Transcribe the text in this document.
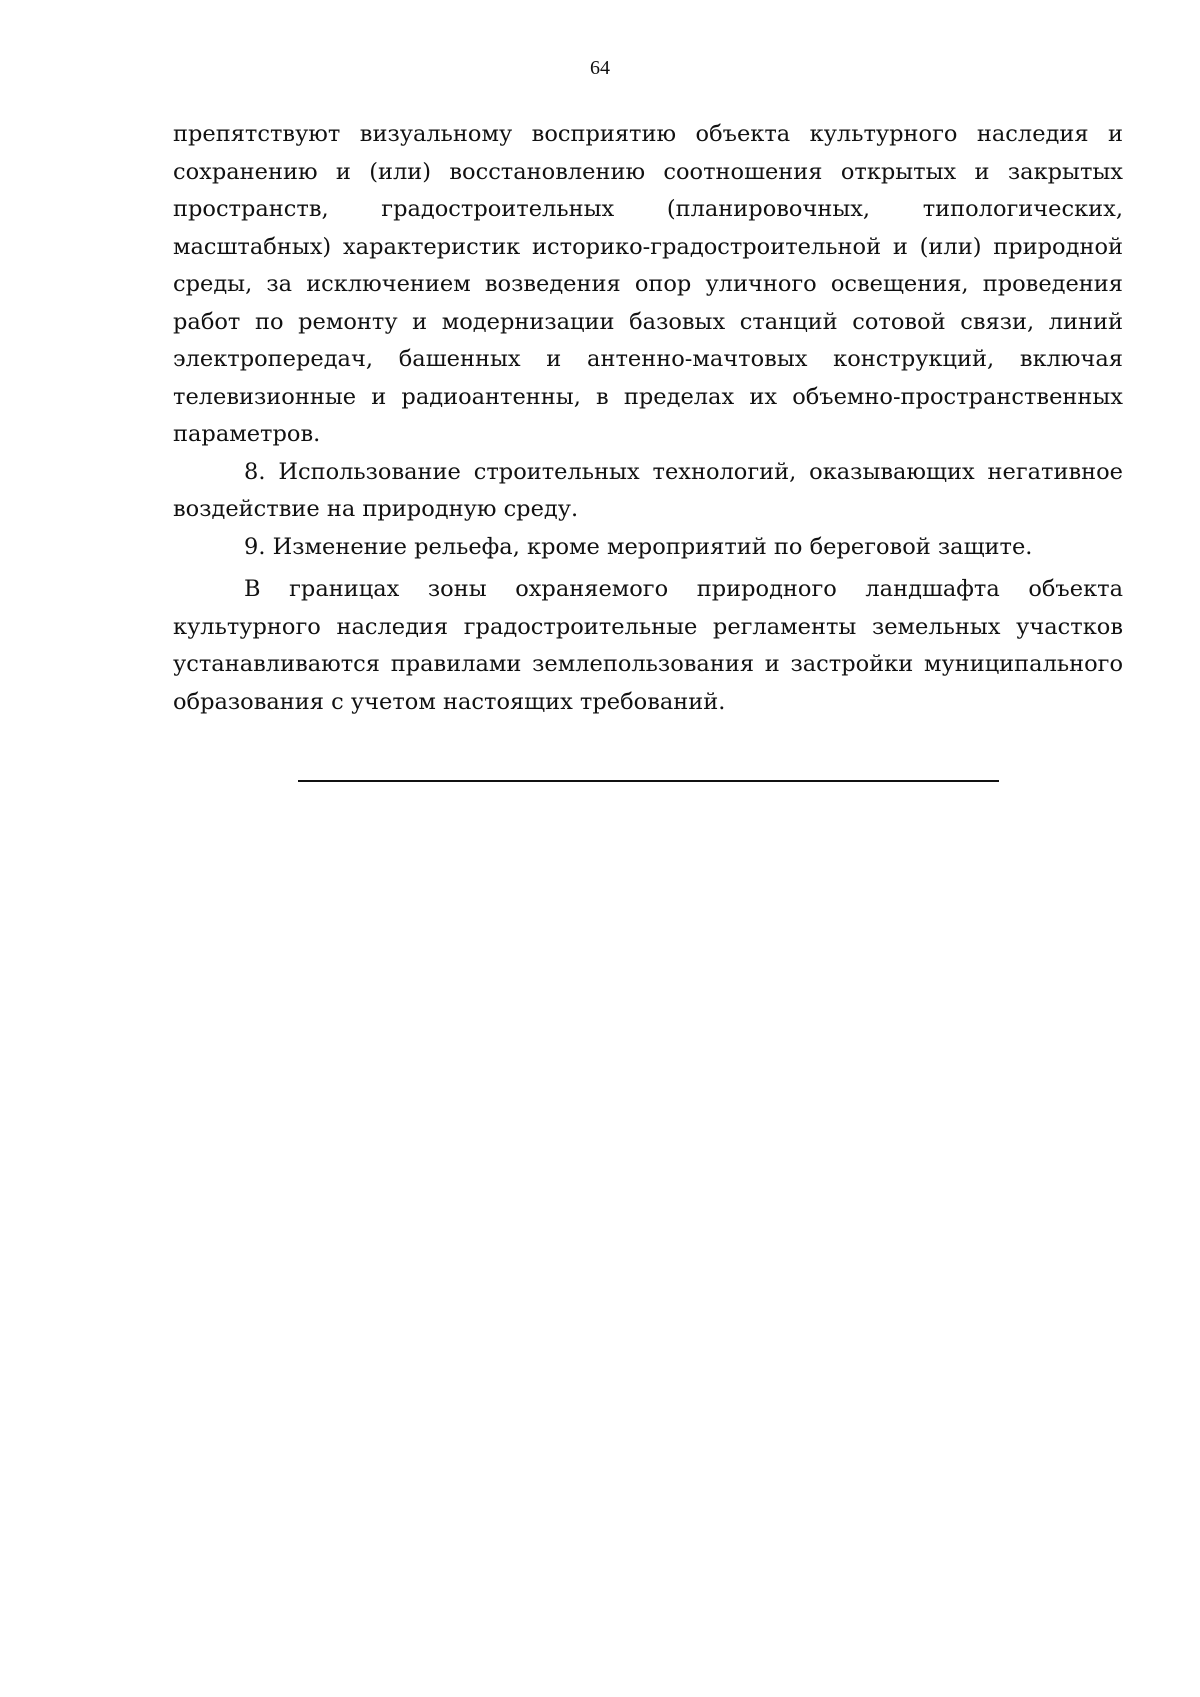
64

препятствуют визуальному восприятию объекта культурного наследия и сохранению и (или) восстановлению соотношения открытых и закрытых пространств, градостроительных (планировочных, типологических, масштабных) характеристик историко-градостроительной и (или) природной среды, за исключением возведения опор уличного освещения, проведения работ по ремонту и модернизации базовых станций сотовой связи, линий электропередач, башенных и антенно-мачтовых конструкций, включая телевизионные и радиоантенны, в пределах их объемно-пространственных параметров.

8. Использование строительных технологий, оказывающих негативное воздействие на природную среду.

9. Изменение рельефа, кроме мероприятий по береговой защите.

В границах зоны охраняемого природного ландшафта объекта культурного наследия градостроительные регламенты земельных участков устанавливаются правилами землепользования и застройки муниципального образования с учетом настоящих требований.
